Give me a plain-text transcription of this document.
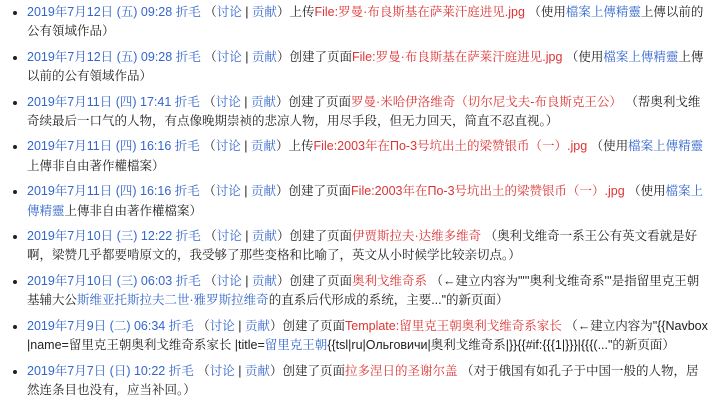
• 2019年7月12日 (五) 09:28 折毛 （讨论 | 贡献）上传File:罗曼·布良斯基在萨莱汗庭进见.jpg （使用檔案上傳精靈上傳以前的公有領域作品）
• 2019年7月12日 (五) 09:28 折毛 （讨论 | 贡献）创建了页面File:罗曼·布良斯基在萨莱汗庭进见.jpg （使用檔案上傳精靈上傳以前的公有領域作品）
• 2019年7月11日 (四) 17:41 折毛 （讨论 | 贡献）创建了页面罗曼·米哈伊洛维奇（切尔尼戈夫-布良斯克王公） （帮奥利戈维奇续最后一口气的人物，有点像晚期崇祯的悲凉人物，用尽手段，但无力回天，简直不忍直视。）
• 2019年7月11日 (四) 16:16 折毛 （讨论 | 贡献）上传File:2003年在По-3号坑出土的梁赞银币（一）.jpg （使用檔案上傳精靈上傳非自由著作權檔案）
• 2019年7月11日 (四) 16:16 折毛 （讨论 | 贡献）创建了页面File:2003年在По-3号坑出土的梁赞银币（一）.jpg （使用檔案上傳精靈上傳非自由著作權檔案）
• 2019年7月10日 (三) 12:22 折毛 （讨论 | 贡献）创建了页面伊贾斯拉夫·达维多维奇 （奥利戈维奇一系王公有英文看就是好啊，梁赞几乎都要啃原文的，我受够了那些变格和比喻了，英文从小时候学比较亲切点。）
• 2019年7月10日 (三) 06:03 折毛 （讨论 | 贡献）创建了页面奥利戈维奇系 （←建立内容为"'''奥利戈维奇系'''是指留里克王朝基辅大公斯维亚托斯拉夫二世·雅罗斯拉维奇的直系后代形成的系统，主要..."的新页面）
• 2019年7月9日 (二) 06:34 折毛 （讨论 | 贡献）创建了页面Template:留里克王朝奥利戈维奇系家长 （←建立内容为"{{Navbox |name=留里克王朝奥利戈维奇系家长 |title=留里克王朝{{tsl|ru|Ольговичи|奥利戈维奇系|}}{{#if:{{{1|}}}|{{{(..."的新页面）
• 2019年7月7日 (日) 10:22 折毛 （讨论 | 贡献）创建了页面拉多涅日的圣谢尔盖 （对于俄国有如孔子于中国一般的人物，居然连条目也没有，应当补回。）
